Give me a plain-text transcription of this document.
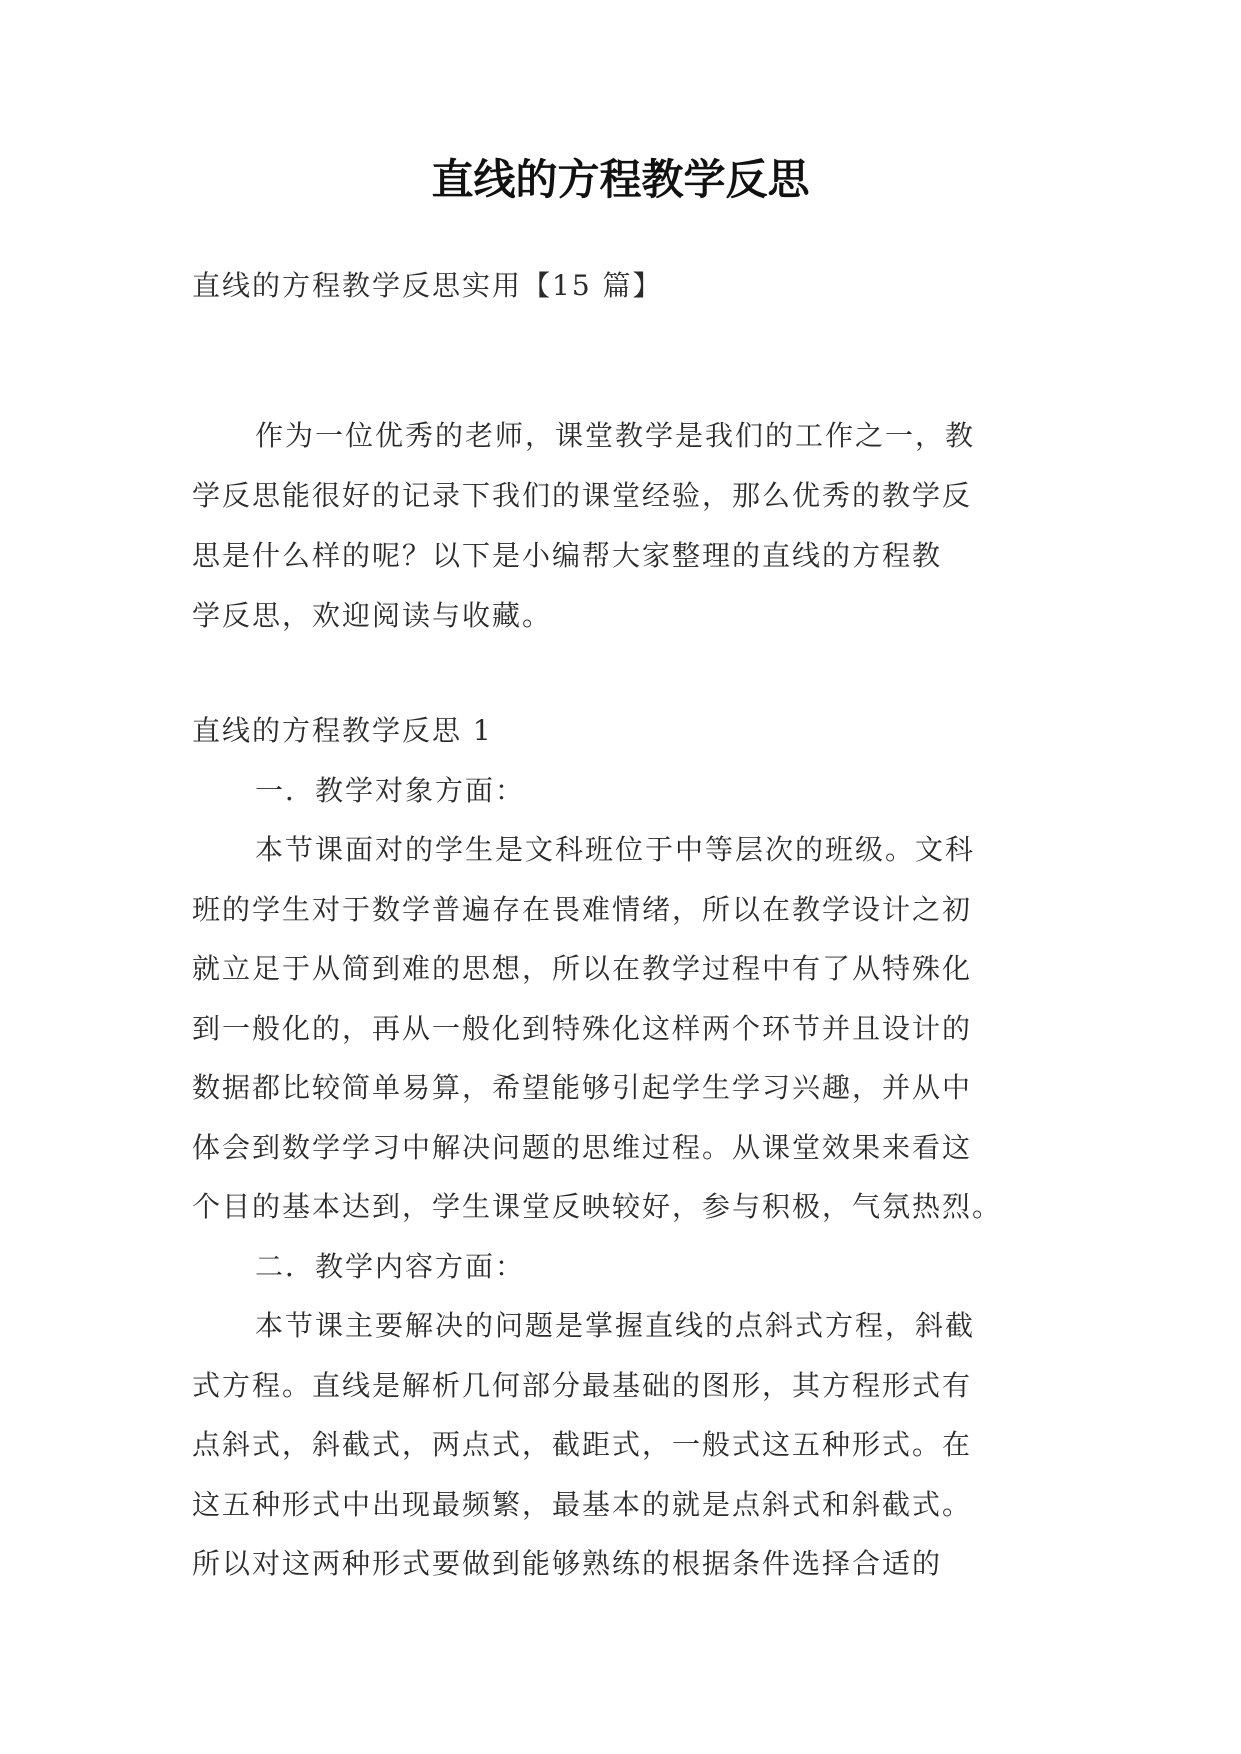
直线的方程教学反思
直线的方程教学反思实用【15 篇】
作为一位优秀的老师，课堂教学是我们的工作之一，教
学反思能很好的记录下我们的课堂经验，那么优秀的教学反
思是什么样的呢？以下是小编帮大家整理的直线的方程教
学反思，欢迎阅读与收藏。
直线的方程教学反思 1
一．教学对象方面：
本节课面对的学生是文科班位于中等层次的班级。文科
班的学生对于数学普遍存在畏难情绪，所以在教学设计之初
就立足于从简到难的思想，所以在教学过程中有了从特殊化
到一般化的，再从一般化到特殊化这样两个环节并且设计的
数据都比较简单易算，希望能够引起学生学习兴趣，并从中
体会到数学学习中解决问题的思维过程。从课堂效果来看这
个目的基本达到，学生课堂反映较好，参与积极，气氛热烈。
二．教学内容方面：
本节课主要解决的问题是掌握直线的点斜式方程，斜截
式方程。直线是解析几何部分最基础的图形，其方程形式有
点斜式，斜截式，两点式，截距式，一般式这五种形式。在
这五种形式中出现最频繁，最基本的就是点斜式和斜截式。
所以对这两种形式要做到能够熟练的根据条件选择合适的
